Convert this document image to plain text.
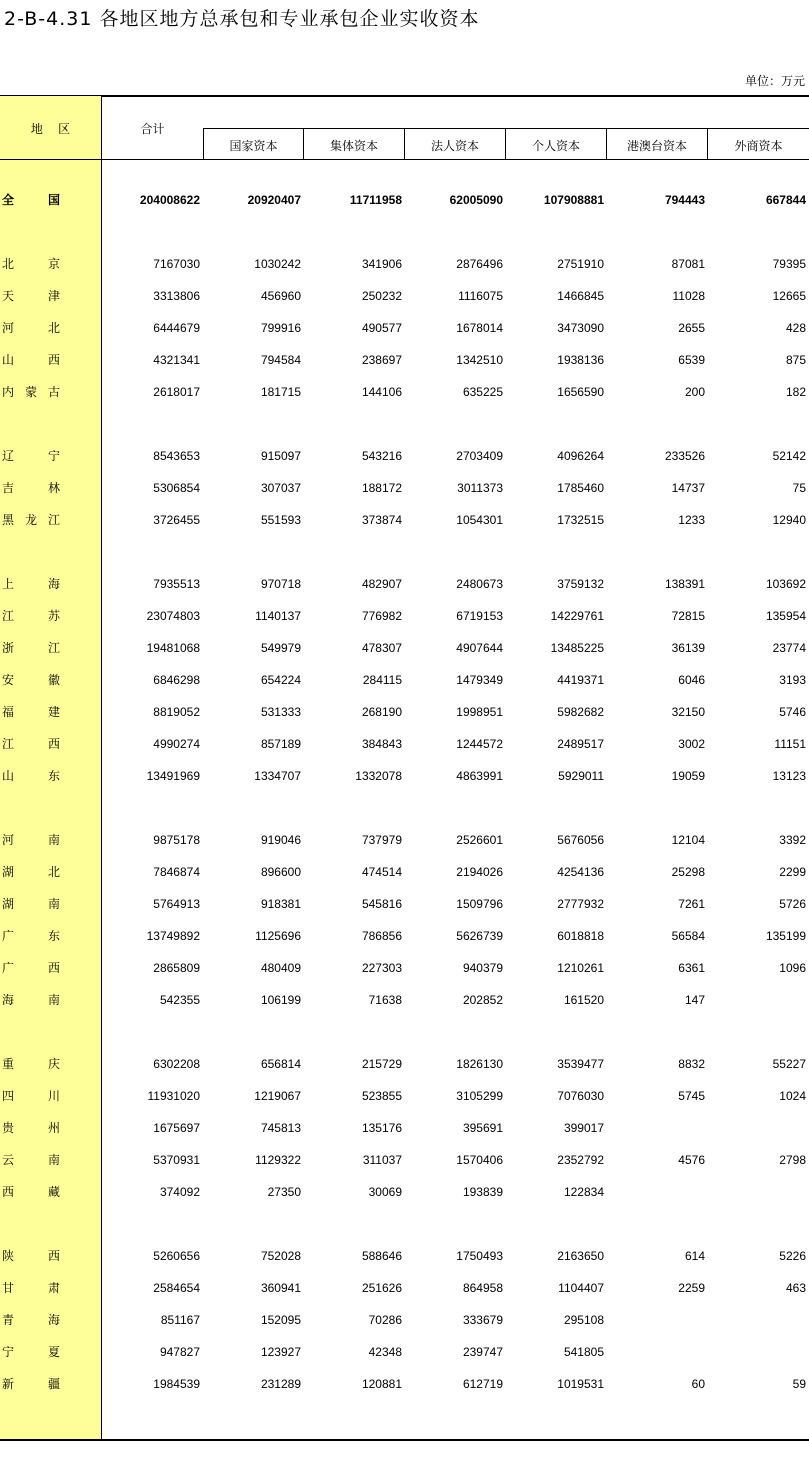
2-B-4.31 各地区地方总承包和专业承包企业实收资本
单位：万元
地    区	合计
国家资本	集体资本	法人资本	个人资本	港澳台资本	外商资本
全	国	204008622	20920407	11711958	62005090	107908881	794443	667844
北	京	7167030	1030242	341906	2876496	2751910	87081	79395
天	津	3313806	456960	250232	1116075	1466845	11028	12665
河	北	6444679	799916	490577	1678014	3473090	2655	428
山	西	4321341	794584	238697	1342510	1938136	6539	875
内 蒙 古	2618017	181715	144106	635225	1656590	200	182
辽	宁	8543653	915097	543216	2703409	4096264	233526	52142
吉	林	5306854	307037	188172	3011373	1785460	14737	75
黑 龙 江	3726455	551593	373874	1054301	1732515	1233	12940
上	海	7935513	970718	482907	2480673	3759132	138391	103692
江	苏	23074803	1140137	776982	6719153	14229761	72815	135954
浙	江	19481068	549979	478307	4907644	13485225	36139	23774
安	徽	6846298	654224	284115	1479349	4419371	6046	3193
福	建	8819052	531333	268190	1998951	5982682	32150	5746
江	西	4990274	857189	384843	1244572	2489517	3002	11151
山	东	13491969	1334707	1332078	4863991	5929011	19059	13123
河	南	9875178	919046	737979	2526601	5676056	12104	3392
湖	北	7846874	896600	474514	2194026	4254136	25298	2299
湖	南	5764913	918381	545816	1509796	2777932	7261	5726
广	东	13749892	1125696	786856	5626739	6018818	56584	135199
广	西	2865809	480409	227303	940379	1210261	6361	1096
海	南	542355	106199	71638	202852	161520	147
重	庆	6302208	656814	215729	1826130	3539477	8832	55227
四	川	11931020	1219067	523855	3105299	7076030	5745	1024
贵	州	1675697	745813	135176	395691	399017
云	南	5370931	1129322	311037	1570406	2352792	4576	2798
西	藏	374092	27350	30069	193839	122834
陕	西	5260656	752028	588646	1750493	2163650	614	5226
甘	肃	2584654	360941	251626	864958	1104407	2259	463
青	海	851167	152095	70286	333679	295108
宁	夏	947827	123927	42348	239747	541805
新	疆	1984539	231289	120881	612719	1019531	60	59
